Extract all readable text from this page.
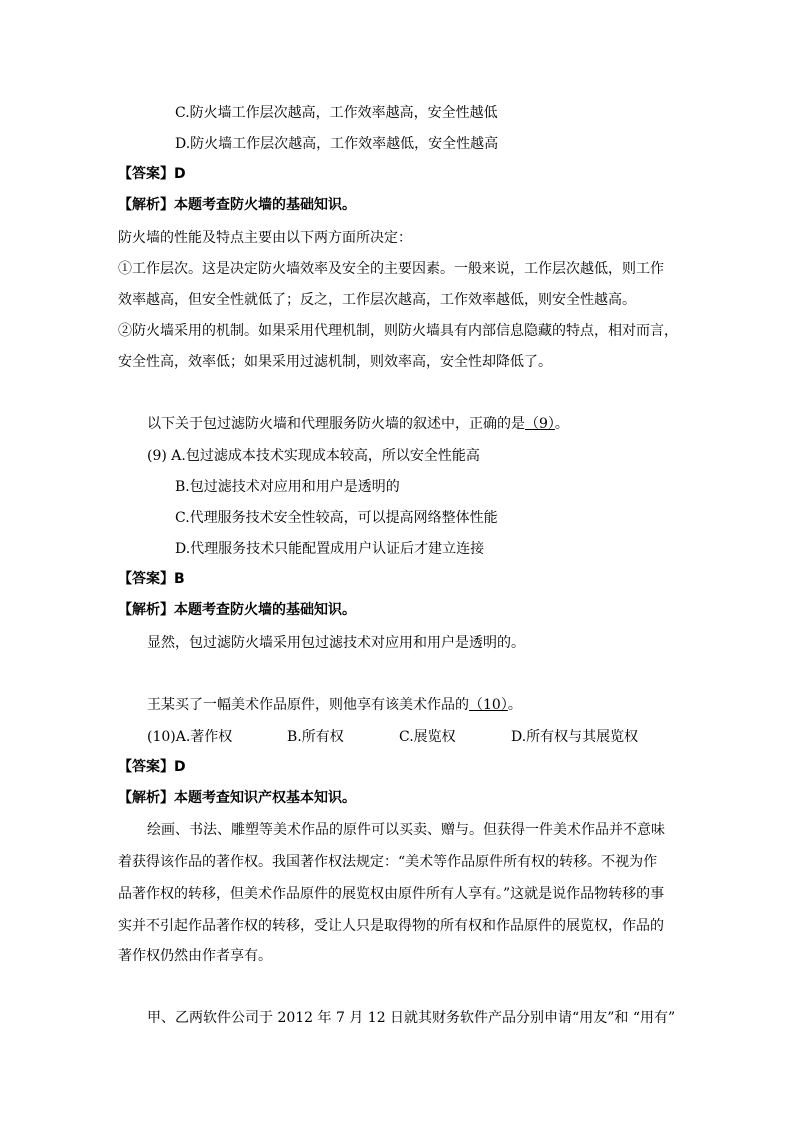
C.防火墙工作层次越高，工作效率越高，安全性越低
D.防火墙工作层次越高，工作效率越低，安全性越高
【答案】D
【解析】本题考查防火墙的基础知识。
防火墙的性能及特点主要由以下两方面所决定：
①工作层次。这是决定防火墙效率及安全的主要因素。一般来说，工作层次越低，则工作
效率越高，但安全性就低了；反之，工作层次越高，工作效率越低，则安全性越高。
②防火墙采用的机制。如果采用代理机制，则防火墙具有内部信息隐藏的特点，相对而言，
安全性高，效率低；如果采用过滤机制，则效率高，安全性却降低了。
以下关于包过滤防火墙和代理服务防火墙的叙述中，正确的是（9）。
(9) A.包过滤成本技术实现成本较高，所以安全性能高
B.包过滤技术对应用和用户是透明的
C.代理服务技术安全性较高，可以提高网络整体性能
D.代理服务技术只能配置成用户认证后才建立连接
【答案】B
【解析】本题考查防火墙的基础知识。
显然，包过滤防火墙采用包过滤技术对应用和用户是透明的。
王某买了一幅美术作品原件，则他享有该美术作品的（10）。
(10)A.著作权	B.所有权	C.展览权	D.所有权与其展览权
【答案】D
【解析】本题考查知识产权基本知识。
绘画、书法、雕塑等美术作品的原件可以买卖、赠与。但获得一件美术作品并不意味
着获得该作品的著作权。我国著作权法规定：“美术等作品原件所有权的转移。不视为作
品著作权的转移，但美术作品原件的展览权由原件所有人享有。”这就是说作品物转移的事
实并不引起作品著作权的转移，受让人只是取得物的所有权和作品原件的展览权，作品的
著作权仍然由作者享有。
甲、乙两软件公司于 2012 年 7 月 12 日就其财务软件产品分别申请“用友”和 “用有”
